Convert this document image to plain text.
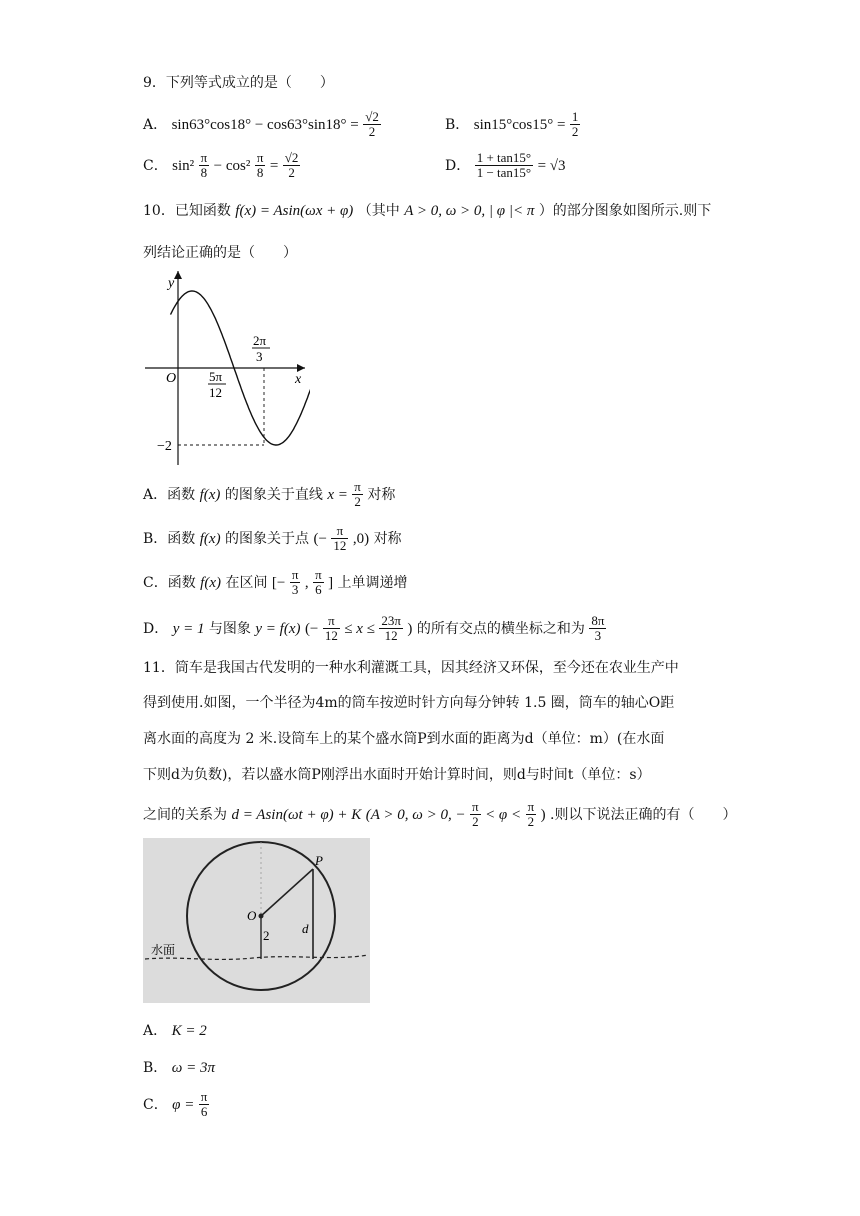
9．下列等式成立的是（　　）
A． $\sin 63^\circ\cos 18^\circ - \cos 63^\circ\sin 18^\circ = \frac{√2}{2}$	B． $\sin 15^\circ\cos 15^\circ = \frac{1}{2}$
C． $\sin^2 \frac{\pi}{8} - \cos^2 \frac{\pi}{8} = \frac{√2}{2}$	D． $\frac{1 + \tan 15^\circ}{1 - \tan 15^\circ} = √3$
10．已知函数 f(x) = Asin(ωx + φ) （其中 A > 0, ω > 0, | φ |< π ）的部分图象如图所示.则下
列结论正确的是（　　）
y
x
O	5π
12
2π
3
−2
A．函数 f(x) 的图象关于直线 $x = \frac{\pi}{2}$ 对称
B．函数 f(x) 的图象关于点 (− $\frac{\pi}{12} ,0$) 对称
C．函数 f(x) 在区间 [− $\frac{\pi}{3}$ , $\frac{\pi}{6}$ ] 上单调递增
D． y = 1 与图象 y = f(x) (− $\frac{\pi}{12} \le x \le \frac{23\pi}{12}$ ) 的所有交点的横坐标之和为 $\frac{8\pi}{3}$
11．筒车是我国古代发明的一种水利灌溉工具，因其经济又环保，至今还在农业生产中
得到使用.如图，一个半径为4m的筒车按逆时针方向每分钟转 1.5 圈，筒车的轴心O距
离水面的高度为 2 米.设筒车上的某个盛水筒P到水面的距离为d（单位：m）(在水面
下则d为负数)，若以盛水筒P刚浮出水面时开始计算时间，则d与时间t（单位：s）
之间的关系为 d = Asin(ωt + φ) + K (A > 0, ω > 0, − $\frac{\pi}{2} < \varphi < \frac{\pi}{2}$ ) .则以下说法正确的有（　　）
P
O
d
2
水面
A． K = 2
B． ω = 3π
C． $\varphi = \frac{\pi}{6}$
